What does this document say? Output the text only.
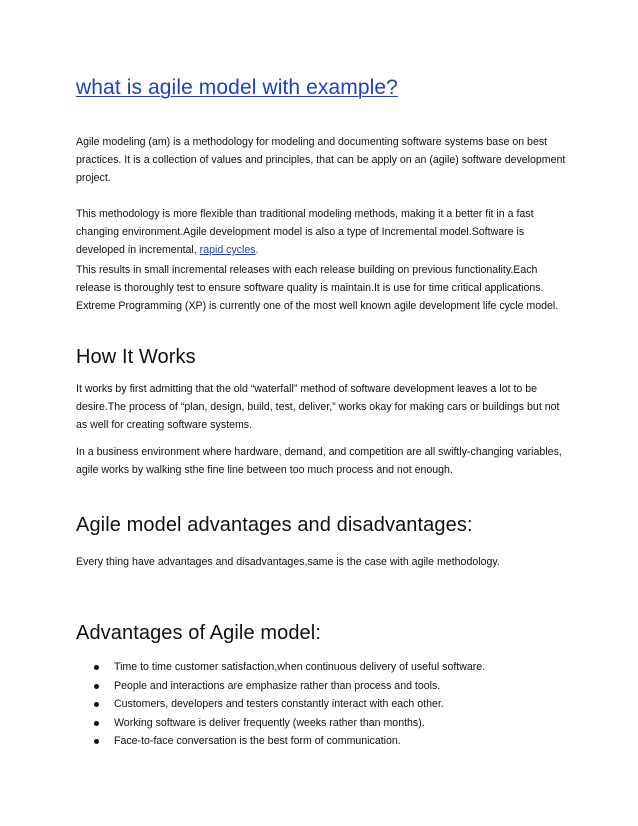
what is agile model with example?

Agile modeling (am) is a methodology for modeling and documenting software systems base on best practices. It is a collection of values and principles, that can be apply on an (agile) software development project.

This methodology is more flexible than traditional modeling methods, making it a better fit in a fast changing environment.Agile development model is also a type of Incremental model.Software is developed in incremental, rapid cycles.

This results in small incremental releases with each release building on previous functionality.Each release is thoroughly test to ensure software quality is maintain.It is use for time critical applications. Extreme Programming (XP) is currently one of the most well known agile development life cycle model.

How It Works

It works by first admitting that the old “waterfall” method of software development leaves a lot to be desire.The process of “plan, design, build, test, deliver,” works okay for making cars or buildings but not as well for creating software systems.

In a business environment where hardware, demand, and competition are all swiftly-changing variables, agile works by walking sthe fine line between too much process and not enough.

Agile model advantages and disadvantages:

Every thing have advantages and disadvantages,same is the case with agile methodology.

Advantages of Agile model:
Time to time customer satisfaction,when continuous delivery of useful software.
People and interactions are emphasize rather than process and tools.
Customers, developers and testers constantly interact with each other.
Working software is deliver frequently (weeks rather than months).
Face-to-face conversation is the best form of communication.
